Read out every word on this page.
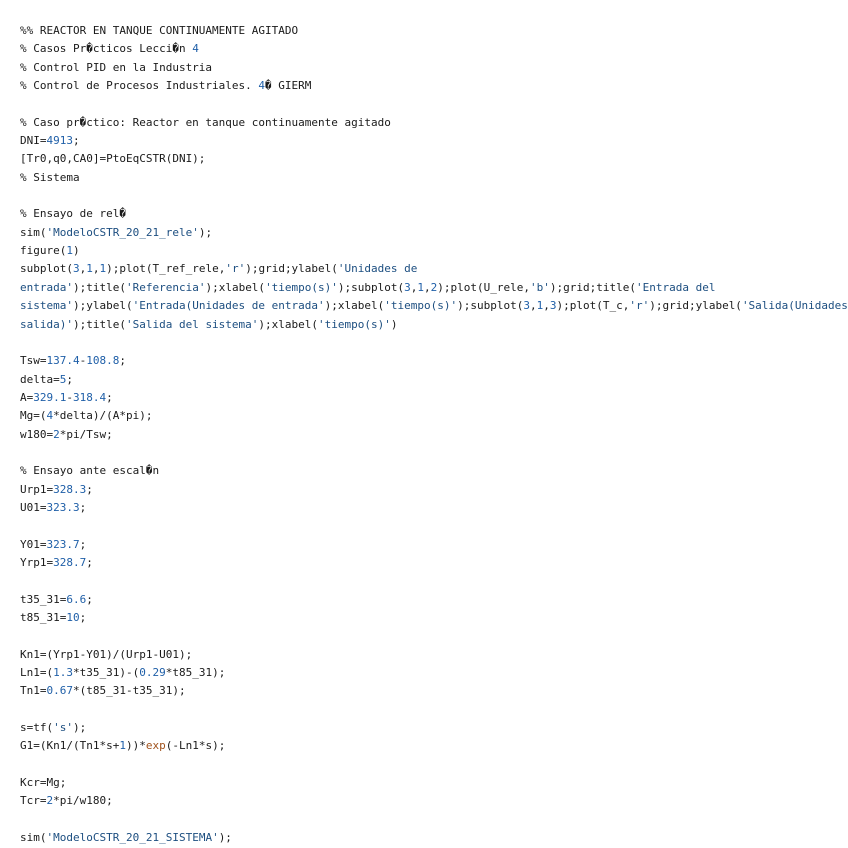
%% REACTOR EN TANQUE CONTINUAMENTE AGITADO
% Casos Pr�cticos Lecci�n 4
% Control PID en la Industria
% Control de Procesos Industriales. 4� GIERM

% Caso pr�ctico: Reactor en tanque continuamente agitado
DNI=4913;
[Tr0,q0,CA0]=PtoEqCSTR(DNI);
% Sistema

% Ensayo de rel�
sim('ModeloCSTR_20_21_rele');
figure(1)
subplot(3,1,1);plot(T_ref_rele,'r');grid;ylabel('Unidades de
entrada');title('Referencia');xlabel('tiempo(s)');subplot(3,1,2);plot(U_rele,'b');grid;title('Entrada del
sistema');ylabel('Entrada(Unidades de entrada');xlabel('tiempo(s)');subplot(3,1,3);plot(T_c,'r');grid;ylabel('Salida(Unidades
salida)');title('Salida del sistema');xlabel('tiempo(s)')

Tsw=137.4-108.8;
delta=5;
A=329.1-318.4;
Mg=(4*delta)/(A*pi);
w180=2*pi/Tsw;

% Ensayo ante escal�n
Urp1=328.3;
U01=323.3;

Y01=323.7;
Yrp1=328.7;

t35_31=6.6;
t85_31=10;

Kn1=(Yrp1-Y01)/(Urp1-U01);
Ln1=(1.3*t35_31)-(0.29*t85_31);
Tn1=0.67*(t85_31-t35_31);

s=tf('s');
G1=(Kn1/(Tn1*s+1))*exp(-Ln1*s);

Kcr=Mg;
Tcr=2*pi/w180;

sim('ModeloCSTR_20_21_SISTEMA');
